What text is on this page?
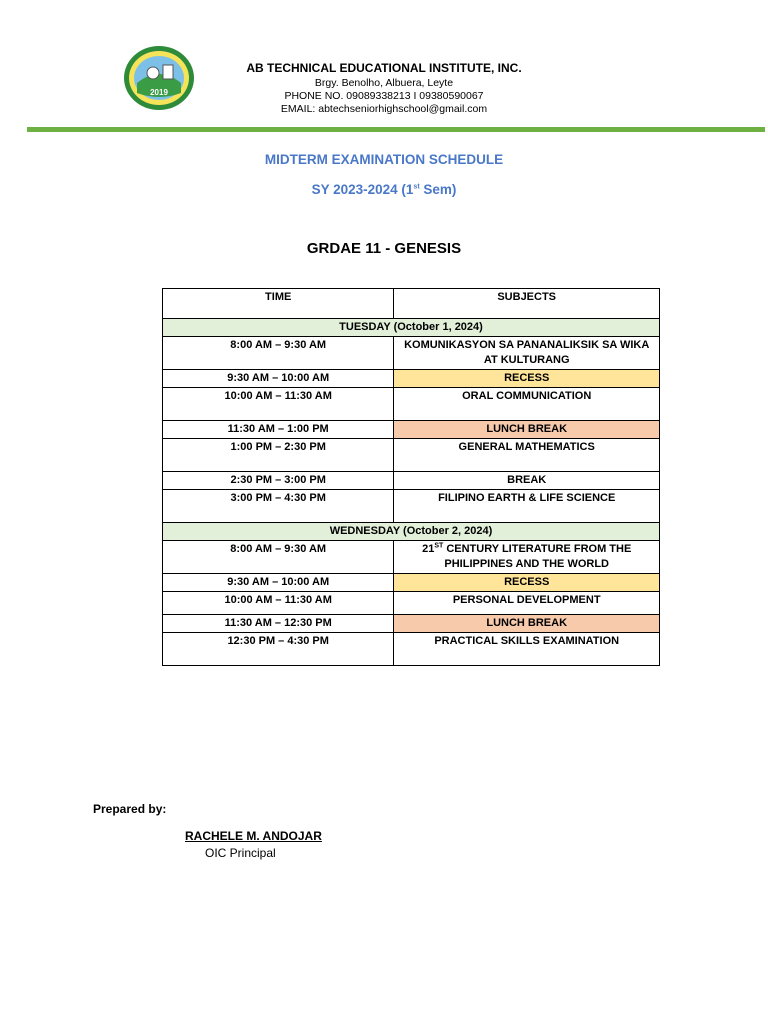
2019
AB TECHNICAL EDUCATIONAL INSTITUTE, INC.
Brgy. Benolho, Albuera, Leyte
PHONE NO. 09089338213 I 09380590067
EMAIL: abtechseniorhighschool@gmail.com
MIDTERM EXAMINATION SCHEDULE
SY 2023-2024 (1st Sem)
GRDAE 11 - GENESIS
TIME	SUBJECTS
TUESDAY (October 1, 2024)	
8:00 AM – 9:30 AM	KOMUNIKASYON SA PANANALIKSIK SA WIKA AT KULTURANG
9:30 AM – 10:00 AM	RECESS
10:00 AM – 11:30 AM	ORAL COMMUNICATION
11:30 AM – 1:00 PM	LUNCH BREAK
1:00 PM – 2:30 PM	GENERAL MATHEMATICS
2:30 PM – 3:00 PM	BREAK
3:00 PM – 4:30 PM	FILIPINO EARTH & LIFE SCIENCE
WEDNESDAY (October 2, 2024)	
8:00 AM – 9:30 AM	21ST CENTURY LITERATURE FROM THE PHILIPPINES AND THE WORLD
9:30 AM – 10:00 AM	RECESS
10:00 AM – 11:30 AM	PERSONAL DEVELOPMENT
11:30 AM – 12:30 PM	LUNCH BREAK
12:30 PM – 4:30 PM	PRACTICAL SKILLS EXAMINATION
Prepared by:
RACHELE M. ANDOJAR
OIC Principal
